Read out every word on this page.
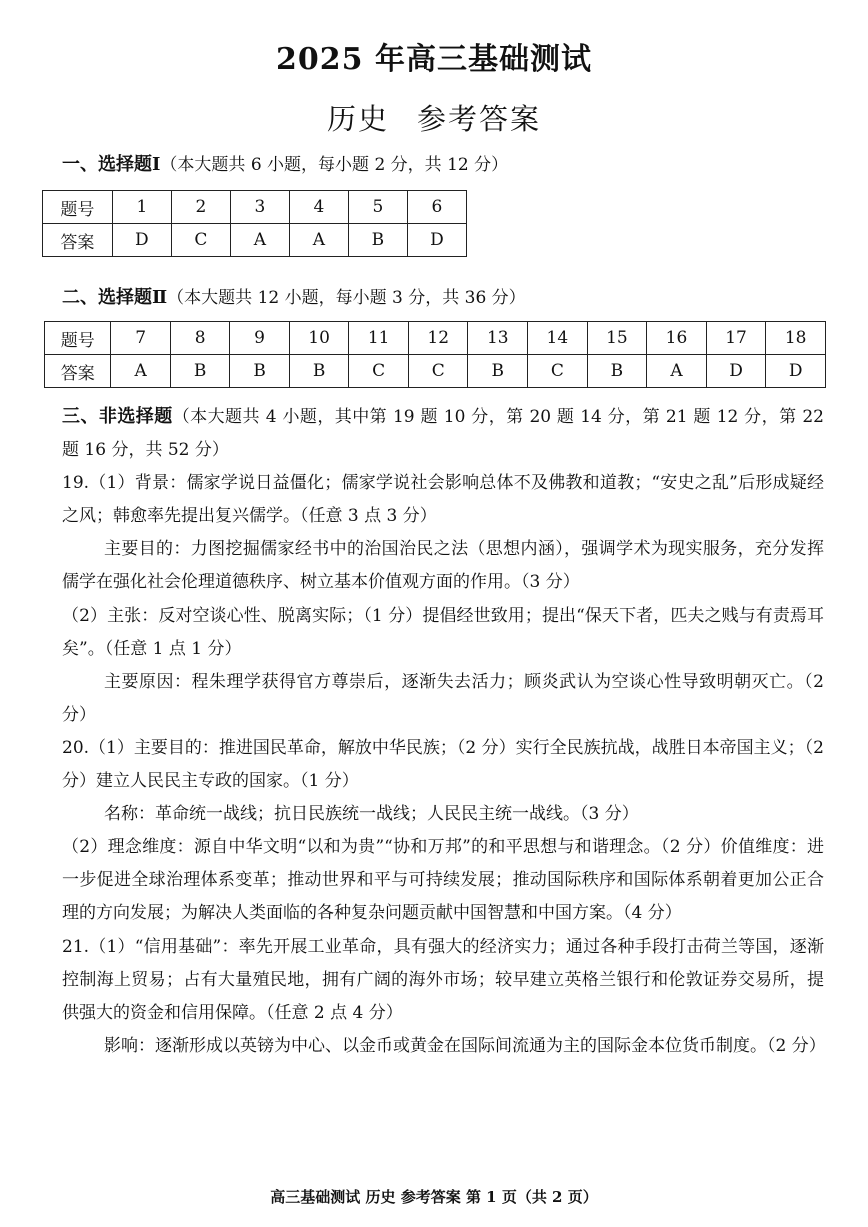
2025 年高三基础测试
历史 参考答案
一、选择题Ⅰ（本大题共 6 小题，每小题 2 分，共 12 分）
题号	1	2	3	4	5	6
答案	D	C	A	A	B	D
二、选择题Ⅱ（本大题共 12 小题，每小题 3 分，共 36 分）
题号	7	8	9	10	11	12	13	14	15	16	17	18
答案	A	B	B	B	C	C	B	C	B	A	D	D

三、非选择题（本大题共 4 小题，其中第 19 题 10 分，第 20 题 14 分，第 21 题 12 分，第 22 题 16 分，共 52 分）

19.（1）背景：儒家学说日益僵化；儒家学说社会影响总体不及佛教和道教；“安史之乱”后形成疑经之风；韩愈率先提出复兴儒学。（任意 3 点 3 分）

主要目的：力图挖掘儒家经书中的治国治民之法（思想内涵），强调学术为现实服务，充分发挥儒学在强化社会伦理道德秩序、树立基本价值观方面的作用。（3 分）

（2）主张：反对空谈心性、脱离实际；（1 分）提倡经世致用；提出“保天下者，匹夫之贱与有责焉耳矣”。（任意 1 点 1 分）

主要原因：程朱理学获得官方尊崇后，逐渐失去活力；顾炎武认为空谈心性导致明朝灭亡。（2 分）

20.（1）主要目的：推进国民革命，解放中华民族；（2 分）实行全民族抗战，战胜日本帝国主义；（2 分）建立人民民主专政的国家。（1 分）

名称：革命统一战线；抗日民族统一战线；人民民主统一战线。（3 分）

（2）理念维度：源自中华文明“以和为贵”“协和万邦”的和平思想与和谐理念。（2 分）价值维度：进一步促进全球治理体系变革；推动世界和平与可持续发展；推动国际秩序和国际体系朝着更加公正合理的方向发展；为解决人类面临的各种复杂问题贡献中国智慧和中国方案。（4 分）

21.（1）“信用基础”：率先开展工业革命，具有强大的经济实力；通过各种手段打击荷兰等国，逐渐控制海上贸易；占有大量殖民地，拥有广阔的海外市场；较早建立英格兰银行和伦敦证券交易所，提供强大的资金和信用保障。（任意 2 点 4 分）

影响：逐渐形成以英镑为中心、以金币或黄金在国际间流通为主的国际金本位货币制度。（2 分）

高三基础测试 历史 参考答案 第 1 页（共 2 页）
